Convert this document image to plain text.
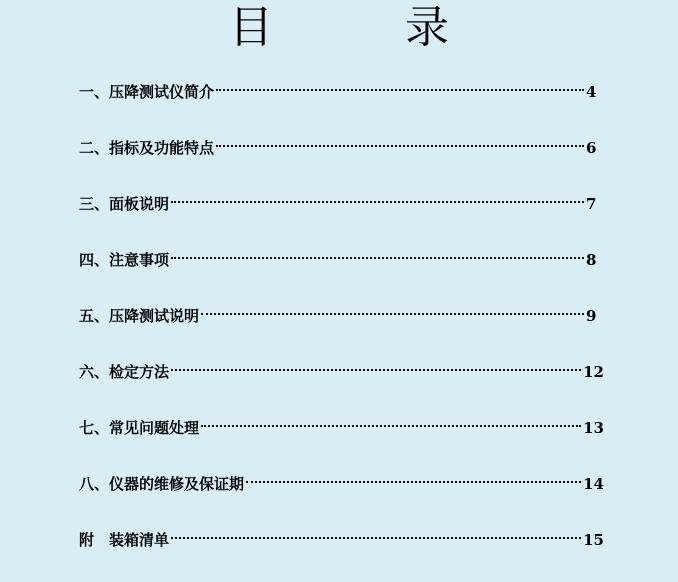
目　录
一、压降测试仪简介	4
二、指标及功能特点	6
三、面板说明	7
四、注意事项	8
五、压降测试说明	9
六、检定方法	12
七、常见问题处理	13
八、仪器的维修及保证期	14
附　装箱清单	15
